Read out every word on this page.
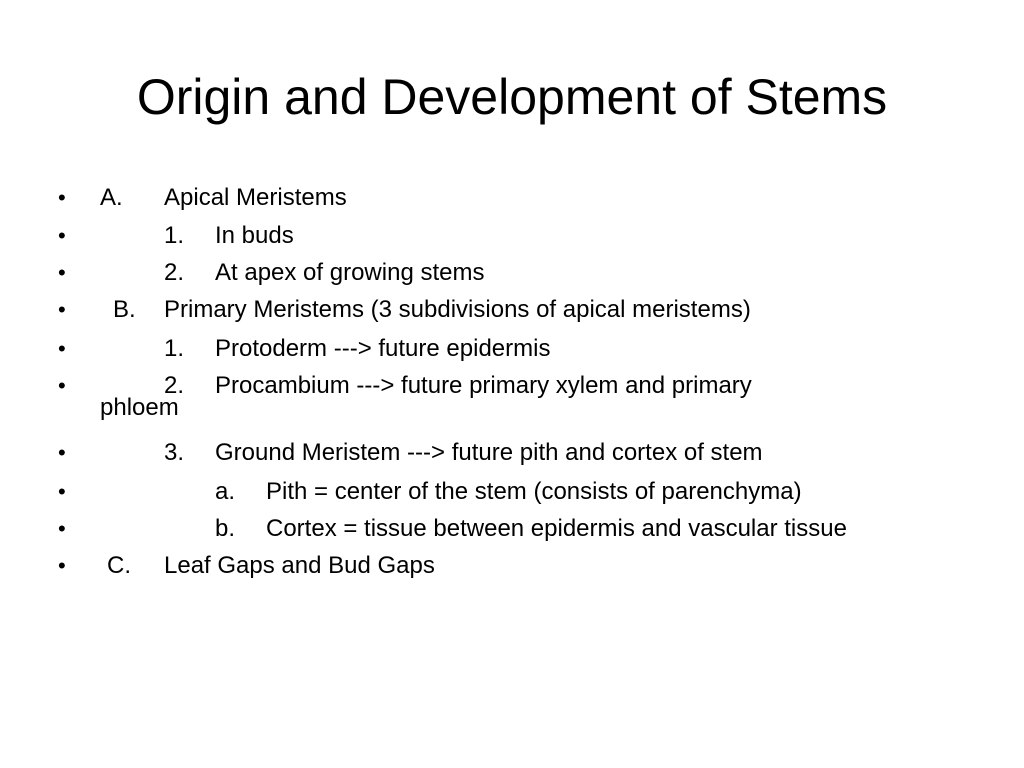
Origin and Development of Stems
• A. Apical Meristems
•	1. In buds
•	2. At apex of growing stems
• B. Primary Meristems (3 subdivisions of apical meristems)
•	1. Protoderm ---> future epidermis
•	2. Procambium ---> future primary xylem and primary
phloem
•	3. Ground Meristem ---> future pith and cortex of stem
•	a. Pith = center of the stem (consists of parenchyma)
•	b. Cortex = tissue between epidermis and vascular tissue
• C. Leaf Gaps and Bud Gaps
